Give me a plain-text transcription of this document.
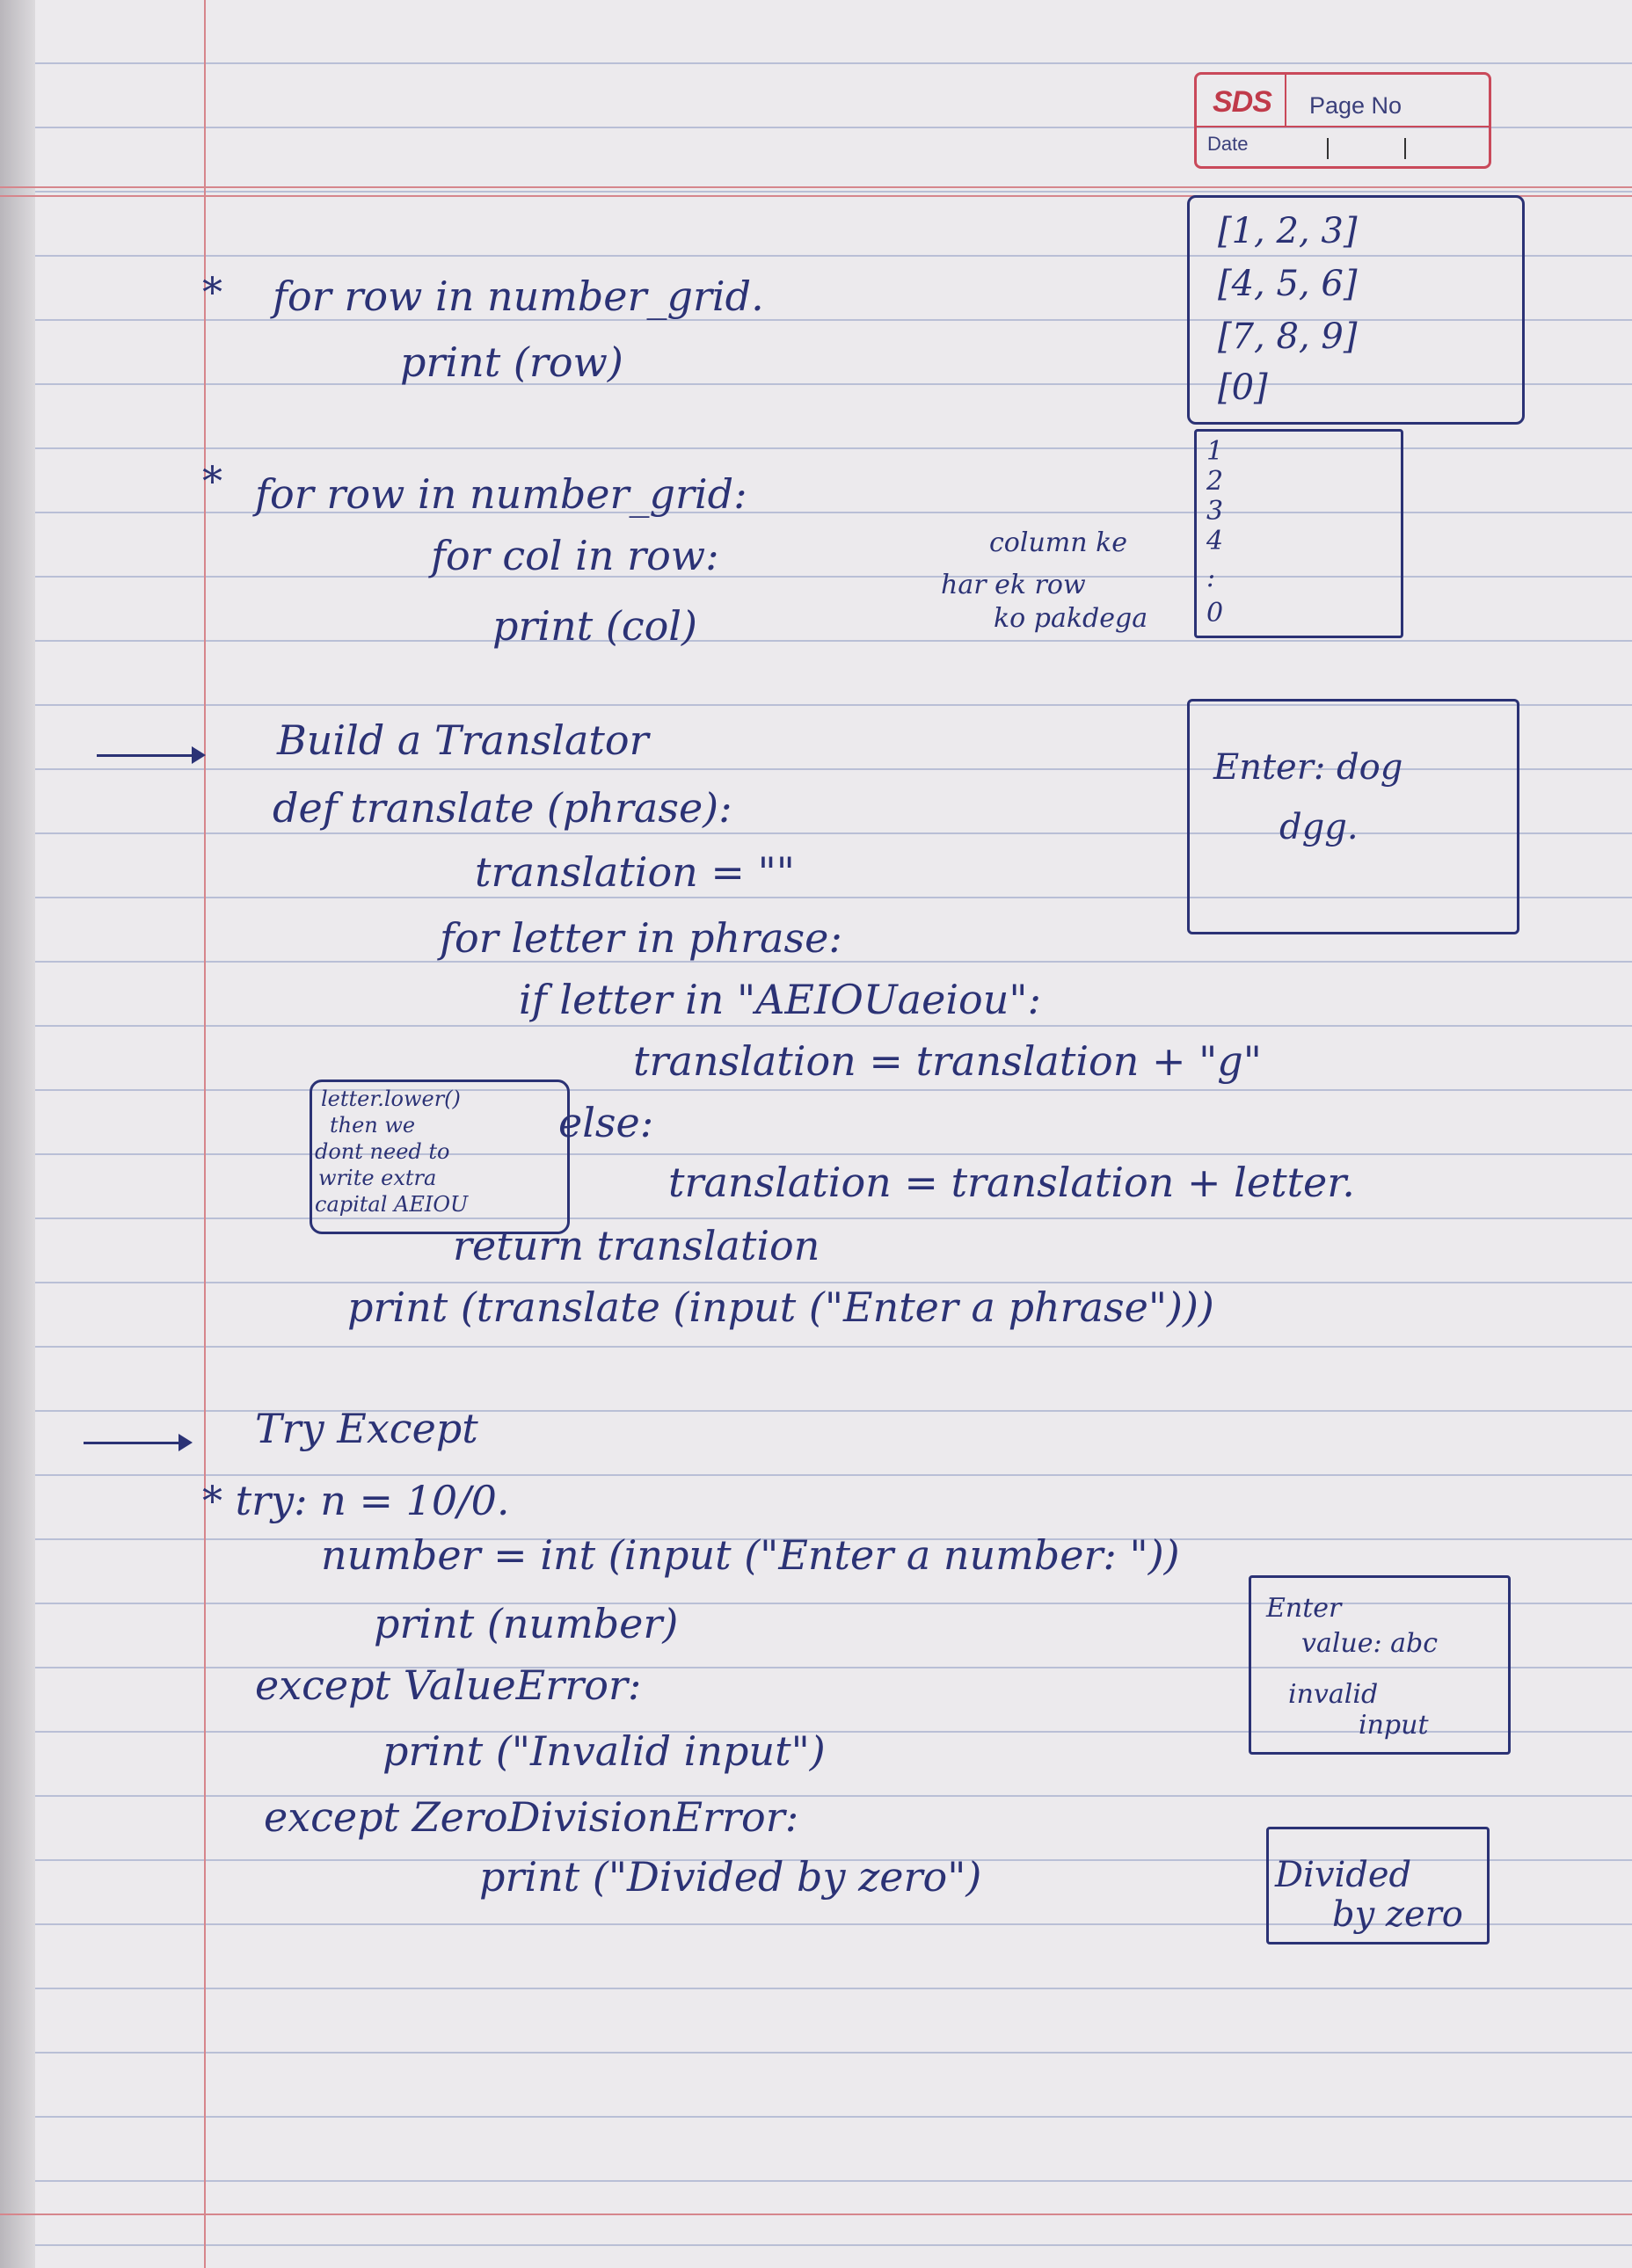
SDS Page No
Date
* for row in number_grid.
print (row)
[1, 2, 3]
[4, 5, 6]
[7, 8, 9]
[0]
* for row in number_grid:
for col in row:
print (col)
column ke
har ek row
ko pakdega
1
2
3
4
:
0
Build a Translator
def translate (phrase):
translation = ""
for letter in phrase:
if letter in "AEIOUaeiou":
translation = translation + "g"
else:
translation = translation + letter.
return translation
print (translate (input ("Enter a phrase")))
letter.lower()
then we
dont need to
write extra
capital AEIOU
Enter: dog
dgg.
Try Except
* try: n = 10/0.
number = int (input ("Enter a number: "))
print (number)
except ValueError:
print ("Invalid input")
except ZeroDivisionError:
print ("Divided by zero")
Enter
value: abc
invalid
input
Divided
by zero
